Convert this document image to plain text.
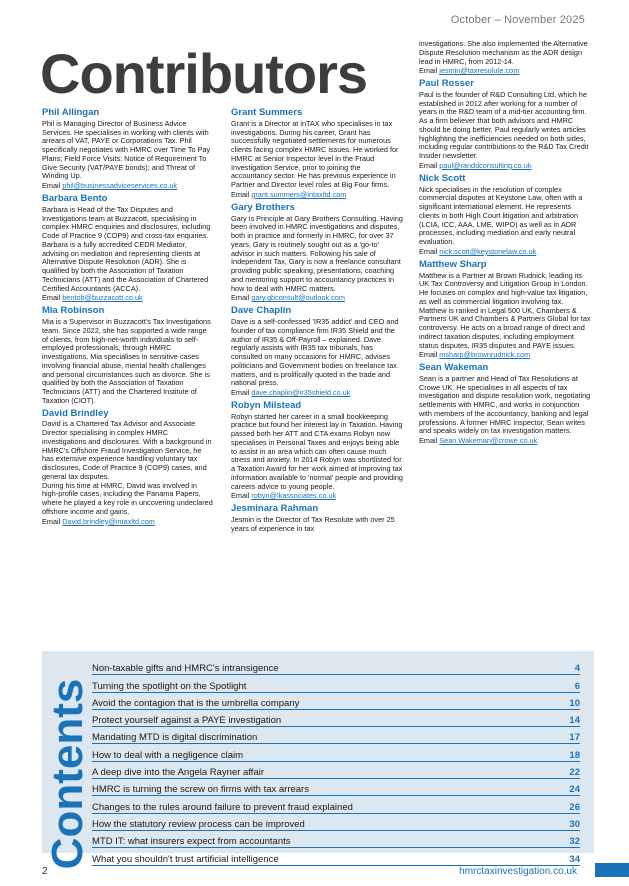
October – November 2025
Contributors
Phil Allingan

Phil is Managing Director of Business Advice Services. He specialises in working with clients with arrears of VAT, PAYE or Corporations Tax. Phil specifically negotiates with HMRC over Time To Pay Plans; Field Force Visits: Notice of Requirement To Give Security (VAT/PAYE bonds); and Threat of Winding Up.

Email phil@businessadviceservices.co.uk

Barbara Bento

Barbara is Head of the Tax Disputes and Investigations team at Buzzacott, specialising in complex HMRC enquiries and disclosures, including Code of Practice 9 (COP9) and cross-tax enquiries. Barbara is a fully accredited CEDR Mediator, advising on mediation and representing clients at Alternative Dispute Resolution (ADR). She is qualified by both the Association of Taxation Technicians (ATT) and the Association of Chartered Certified Accountants (ACCA).

Email bentob@buzzacott.co.uk

Mia Robinson

Mia is a Supervisor in Buzzacott's Tax Investigations team. Since 2022, she has supported a wide range of clients, from high-net-worth individuals to self-employed professionals, through HMRC investigations. Mia specialises in sensitive cases involving financial abuse, mental health challenges and personal circumstances such as divorce. She is qualified by both the Association of Taxation Technicians (ATT) and the Chartered Institute of Taxation (CIOT).

David Brindley

David is a Chartered Tax Advisor and Associate Director specialising in complex HMRC investigations and disclosures. With a background in HMRC's Offshore Fraud Investigation Service, he has extensive experience handling voluntary tax disclosures, Code of Practice 9 (COP9) cases, and general tax disputes.

During his time at HMRC, David was involved in high-profile cases, including the Panama Papers, where he played a key role in uncovering undeclared offshore income and gains.

Email David.brindley@intaxltd.com

Grant Summers

Grant is a Director at inTAX who specialises in tax investigations. During his career, Grant has successfully negotiated settlements for numerous clients facing complex HMRC issues. He worked for HMRC at Senior Inspector level in the Fraud Investigation Service, prior to joining the accountancy sector. He has previous experience in Partner and Director level roles at Big Four firms.

Email grant.summers@intaxltd.com

Gary Brothers

Gary is Principle at Gary Brothers Consulting. Having been involved in HMRC investigations and disputes, both in practice and formerly in HMRC, for over 37 years, Gary is routinely sought out as a 'go-to' advisor in such matters. Following his sale of Independent Tax, Gary is now a freelance consultant providing public speaking, presentations, coaching and mentoring support to accountancy practices in how to deal with HMRC matters.

Email gary.gbconsult@outlook.com

Dave Chaplin

Dave is a self-confessed 'IR35 addict' and CEO and founder of tax compliance firm IR35 Shield and the author of IR35 & Off-Payroll – explained. Dave regularly assists with IR35 tax tribunals, has consulted on many occasions for HMRC, advises politicians and Government bodies on freelance tax matters, and is prolifically quoted in the trade and national press.

Email dave.chaplin@ir35shield.co.uk

Robyn Milstead

Robyn started her career in a small bookkeeping practice but found her interest lay in Taxation. Having passed both her ATT and CTA exams Robyn now specialises in Personal Taxes and enjoys being able to assist in an area which can often cause much stress and anxiety. In 2014 Robyn was shortlisted for a Taxation Award for her work aimed at improving tax information available to 'normal' people and providing careers advice to young people.

Email robyn@lkassociates.co.uk

Jesminara Rahman

Jesmin is the Director of Tax Resolute with over 25 years of experience in tax

investigations. She also implemented the Alternative Dispute Resolution mechanism as the ADR design lead in HMRC, from 2012-14.

Email jesmin@taxresolute.com

Paul Rosser

Paul is the founder of R&D Consulting Ltd, which he established in 2012 after working for a number of years in the R&D team of a mid-tier accounting firm. As a firm believer that both advisors and HMRC should be doing better, Paul regularly writes articles highlighting the inefficiencies needed on both sides, including regular contributions to the R&D Tax Credit Insider newsletter.

Email paul@randdconsulting.co.uk

Nick Scott

Nick specialises in the resolution of complex commercial disputes at Keystone Law, often with a significant international element. He represents clients in both High Court litigation and arbitration (LCIA, ICC, AAA, LME, WIPO) as well as in ADR processes, including mediation and early neutral evaluation.

Email nick.scott@keystonelaw.co.uk

Matthew Sharp

Matthew is a Partner at Brown Rudnick, leading its UK Tax Controversy and Litigation Group in London. He focuses on complex and high-value tax litigation, as well as commercial litigation involving tax. Matthew is ranked in Legal 500 UK, Chambers & Partners UK and Chambers & Partners Global for tax controversy. He acts on a broad range of direct and indirect taxation disputes, including employment status disputes, IR35 disputes and PAYE issues.

Email msharp@brownrudnick.com

Sean Wakeman

Sean is a partner and Head of Tax Resolutions at Crowe UK. He specialises in all aspects of tax investigation and dispute resolution work, negotiating settlements with HMRC, and works in conjunction with members of the accountancy, banking and legal professions. A former HMRC inspector, Sean writes and speaks widely on tax investigation matters.

Email Sean.Wakeman@crowe.co.uk

Contents
Non-taxable gifts and HMRC's intransigence	4
Turning the spotlight on the Spotlight	6
Avoid the contagion that is the umbrella company	10
Protect yourself against a PAYE investigation	14
Mandating MTD is digital discrimination	17
How to deal with a negligence claim	18
A deep dive into the Angela Rayner affair	22
HMRC is turning the screw on firms with tax arrears	24
Changes to the rules around failure to prevent fraud explained	26
How the statutory review process can be improved	30
MTD IT: what insurers expect from accountants	32
What you shouldn't trust artificial intelligence	34
2	hmrctaxinvestigation.co.uk
